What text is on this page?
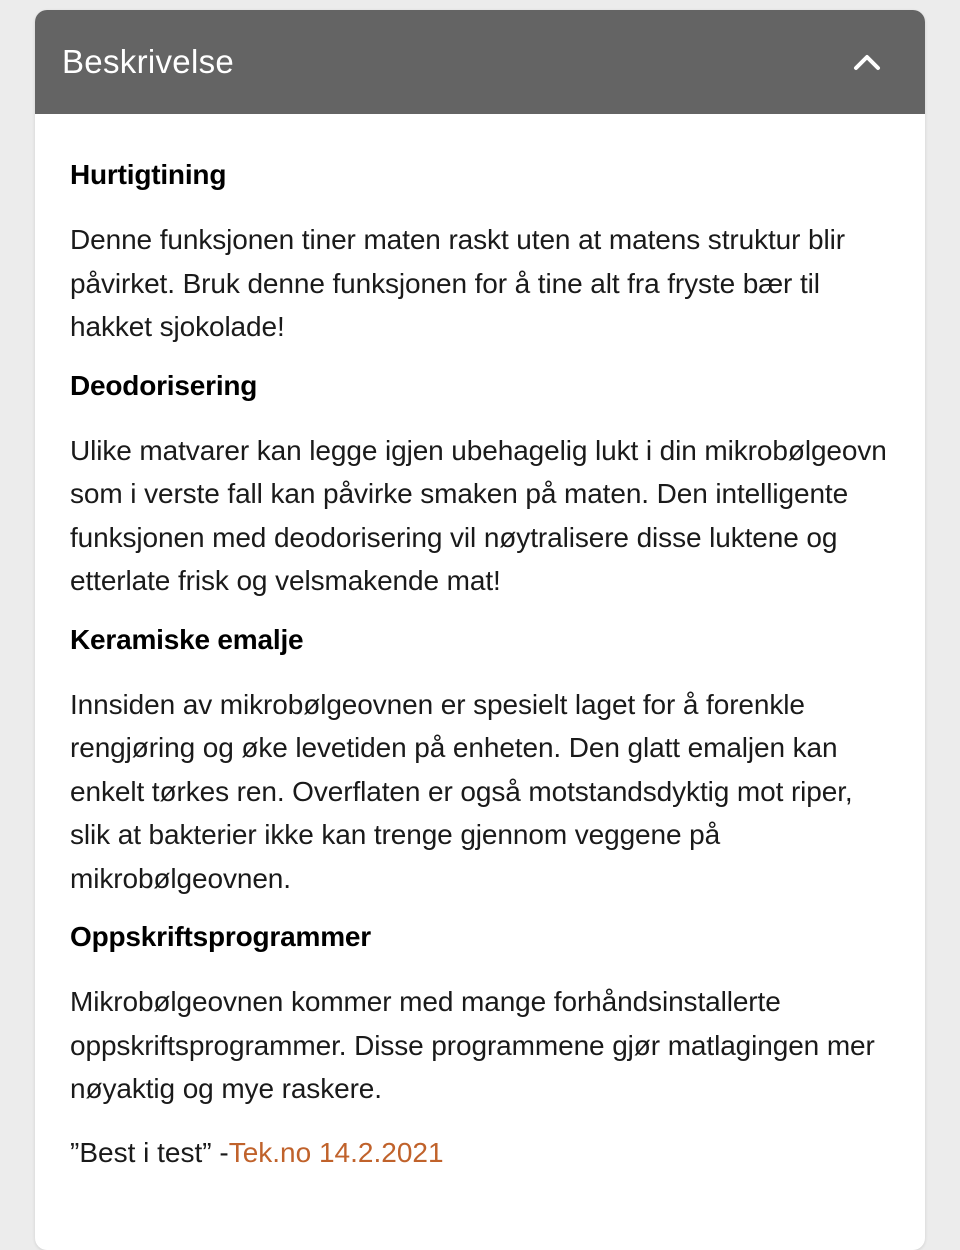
Beskrivelse
Hurtigtining

Denne funksjonen tiner maten raskt uten at matens struktur blir påvirket. Bruk denne funksjonen for å tine alt fra fryste bær til hakket sjokolade!

Deodorisering

Ulike matvarer kan legge igjen ubehagelig lukt i din mikrobølgeovn som i verste fall kan påvirke smaken på maten. Den intelligente funksjonen med deodorisering vil nøytralisere disse luktene og etterlate frisk og velsmakende mat!

Keramiske emalje

Innsiden av mikrobølgeovnen er spesielt laget for å forenkle rengjøring og øke levetiden på enheten. Den glatt emaljen kan enkelt tørkes ren. Overflaten er også motstandsdyktig mot riper, slik at bakterier ikke kan trenge gjennom veggene på mikrobølgeovnen.

Oppskriftsprogrammer

Mikrobølgeovnen kommer med mange forhåndsinstallerte oppskriftsprogrammer. Disse programmene gjør matlagingen mer nøyaktig og mye raskere.

”Best i test” -Tek.no 14.2.2021
